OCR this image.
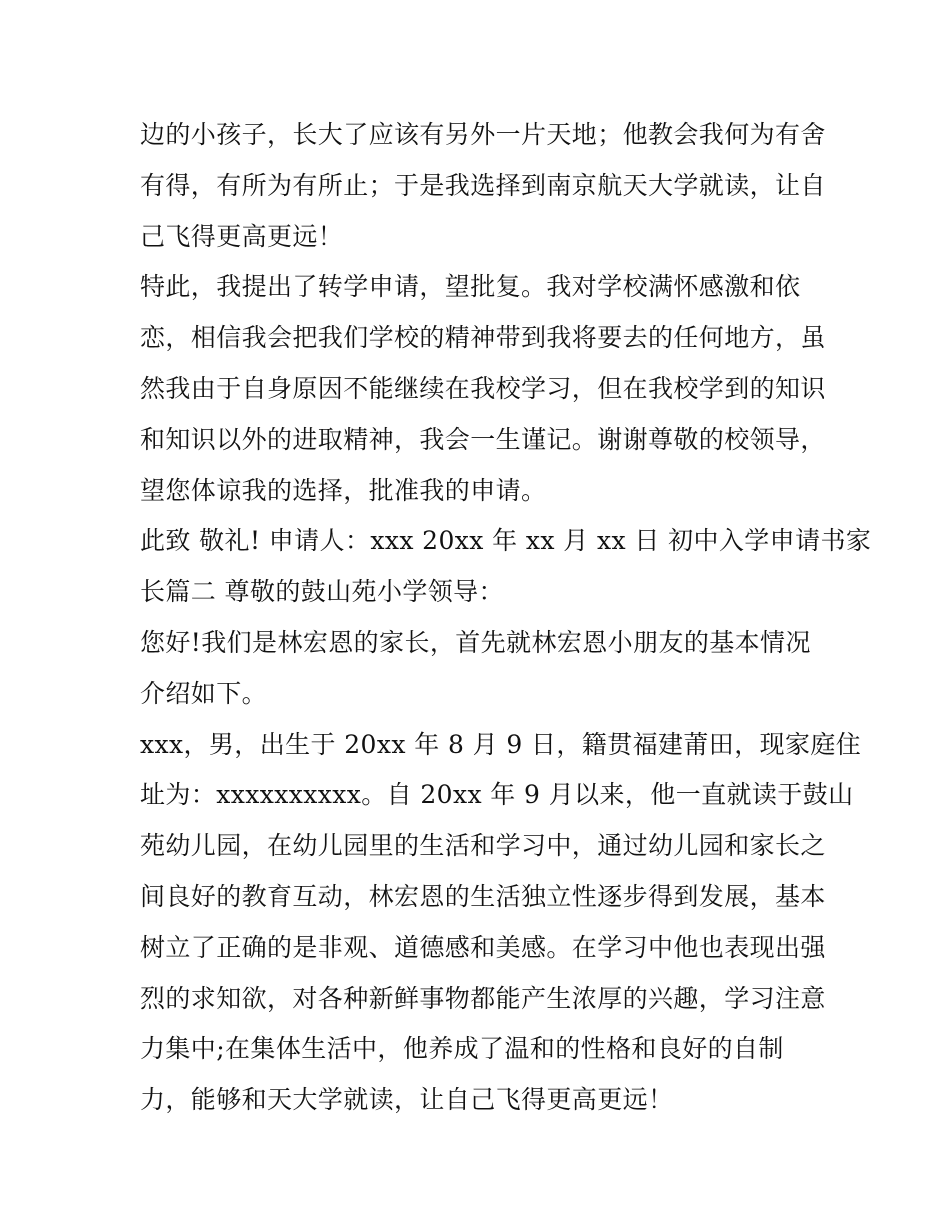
边的小孩子，长大了应该有另外一片天地；他教会我何为有舍
有得，有所为有所止；于是我选择到南京航天大学就读，让自
己飞得更高更远！
特此，我提出了转学申请，望批复。我对学校满怀感激和依
恋，相信我会把我们学校的精神带到我将要去的任何地方，虽
然我由于自身原因不能继续在我校学习，但在我校学到的知识
和知识以外的进取精神，我会一生谨记。谢谢尊敬的校领导，
望您体谅我的选择，批准我的申请。
此致 敬礼! 申请人：xxx 20xx 年 xx 月 xx 日 初中入学申请书家
长篇二 尊敬的鼓山苑小学领导：
您好!我们是林宏恩的家长，首先就林宏恩小朋友的基本情况
介绍如下。
xxx，男，出生于 20xx 年 8 月 9 日，籍贯福建莆田，现家庭住
址为：xxxxxxxxxx。自 20xx 年 9 月以来，他一直就读于鼓山
苑幼儿园，在幼儿园里的生活和学习中，通过幼儿园和家长之
间良好的教育互动，林宏恩的生活独立性逐步得到发展，基本
树立了正确的是非观、道德感和美感。在学习中他也表现出强
烈的求知欲，对各种新鲜事物都能产生浓厚的兴趣，学习注意
力集中;在集体生活中，他养成了温和的性格和良好的自制
力，能够和天大学就读，让自己飞得更高更远！
